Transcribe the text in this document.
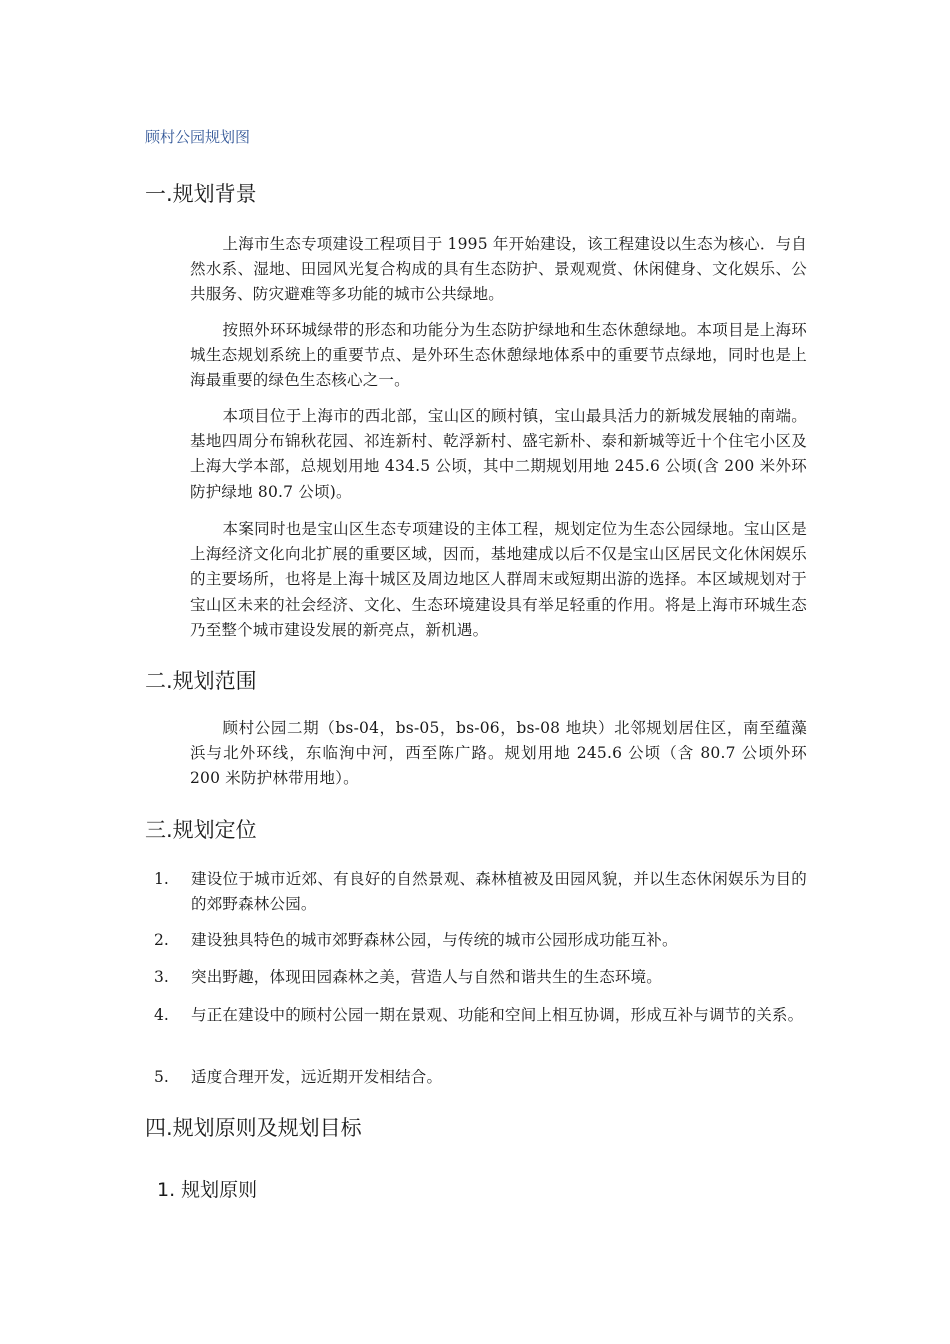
顾村公园规划图
一.规划背景

上海市生态专项建设工程项目于 1995 年开始建设，该工程建设以生态为核心．与自然水系、湿地、田园风光复合构成的具有生态防护、景观观赏、休闲健身、文化娱乐、公共服务、防灾避难等多功能的城市公共绿地。

按照外环环城绿带的形态和功能分为生态防护绿地和生态休憩绿地。本项目是上海环城生态规划系统上的重要节点、是外环生态休憩绿地体系中的重要节点绿地，同时也是上海最重要的绿色生态核心之一。

本项目位于上海市的西北部，宝山区的顾村镇，宝山最具活力的新城发展轴的南端。基地四周分布锦秋花园、祁连新村、乾浮新村、盛宅新朴、泰和新城等近十个住宅小区及上海大学本部，总规划用地 434.5 公顷，其中二期规划用地 245.6 公顷(含 200 米外环防护绿地 80.7 公顷)。

本案同时也是宝山区生态专项建设的主体工程，规划定位为生态公园绿地。宝山区是上海经济文化向北扩展的重要区域，因而，基地建成以后不仅是宝山区居民文化休闲娱乐的主要场所，也将是上海十城区及周边地区人群周末或短期出游的选择。本区域规划对于宝山区未来的社会经济、文化、生态环境建设具有举足轻重的作用。将是上海市环城生态乃至整个城市建设发展的新亮点，新机遇。

二.规划范围

顾村公园二期（bs-04，bs-05，bs-06，bs-08 地块）北邻规划居住区，南至蕴藻浜与北外环线，东临洵中河，西至陈广路。规划用地 245.6 公顷（含 80.7 公顷外环 200 米防护林带用地）。

三.规划定位
1.	建设位于城市近郊、有良好的自然景观、森林植被及田园风貌，并以生态休闲娱乐为目的的郊野森林公园。
2.	建设独具特色的城市郊野森林公园，与传统的城市公园形成功能互补。
3.	突出野趣，体现田园森林之美，营造人与自然和谐共生的生态环境。
4.	与正在建设中的顾村公园一期在景观、功能和空间上相互协调，形成互补与调节的关系。
5.	适度合理开发，远近期开发相结合。
四.规划原则及规划目标
1. 规划原则
